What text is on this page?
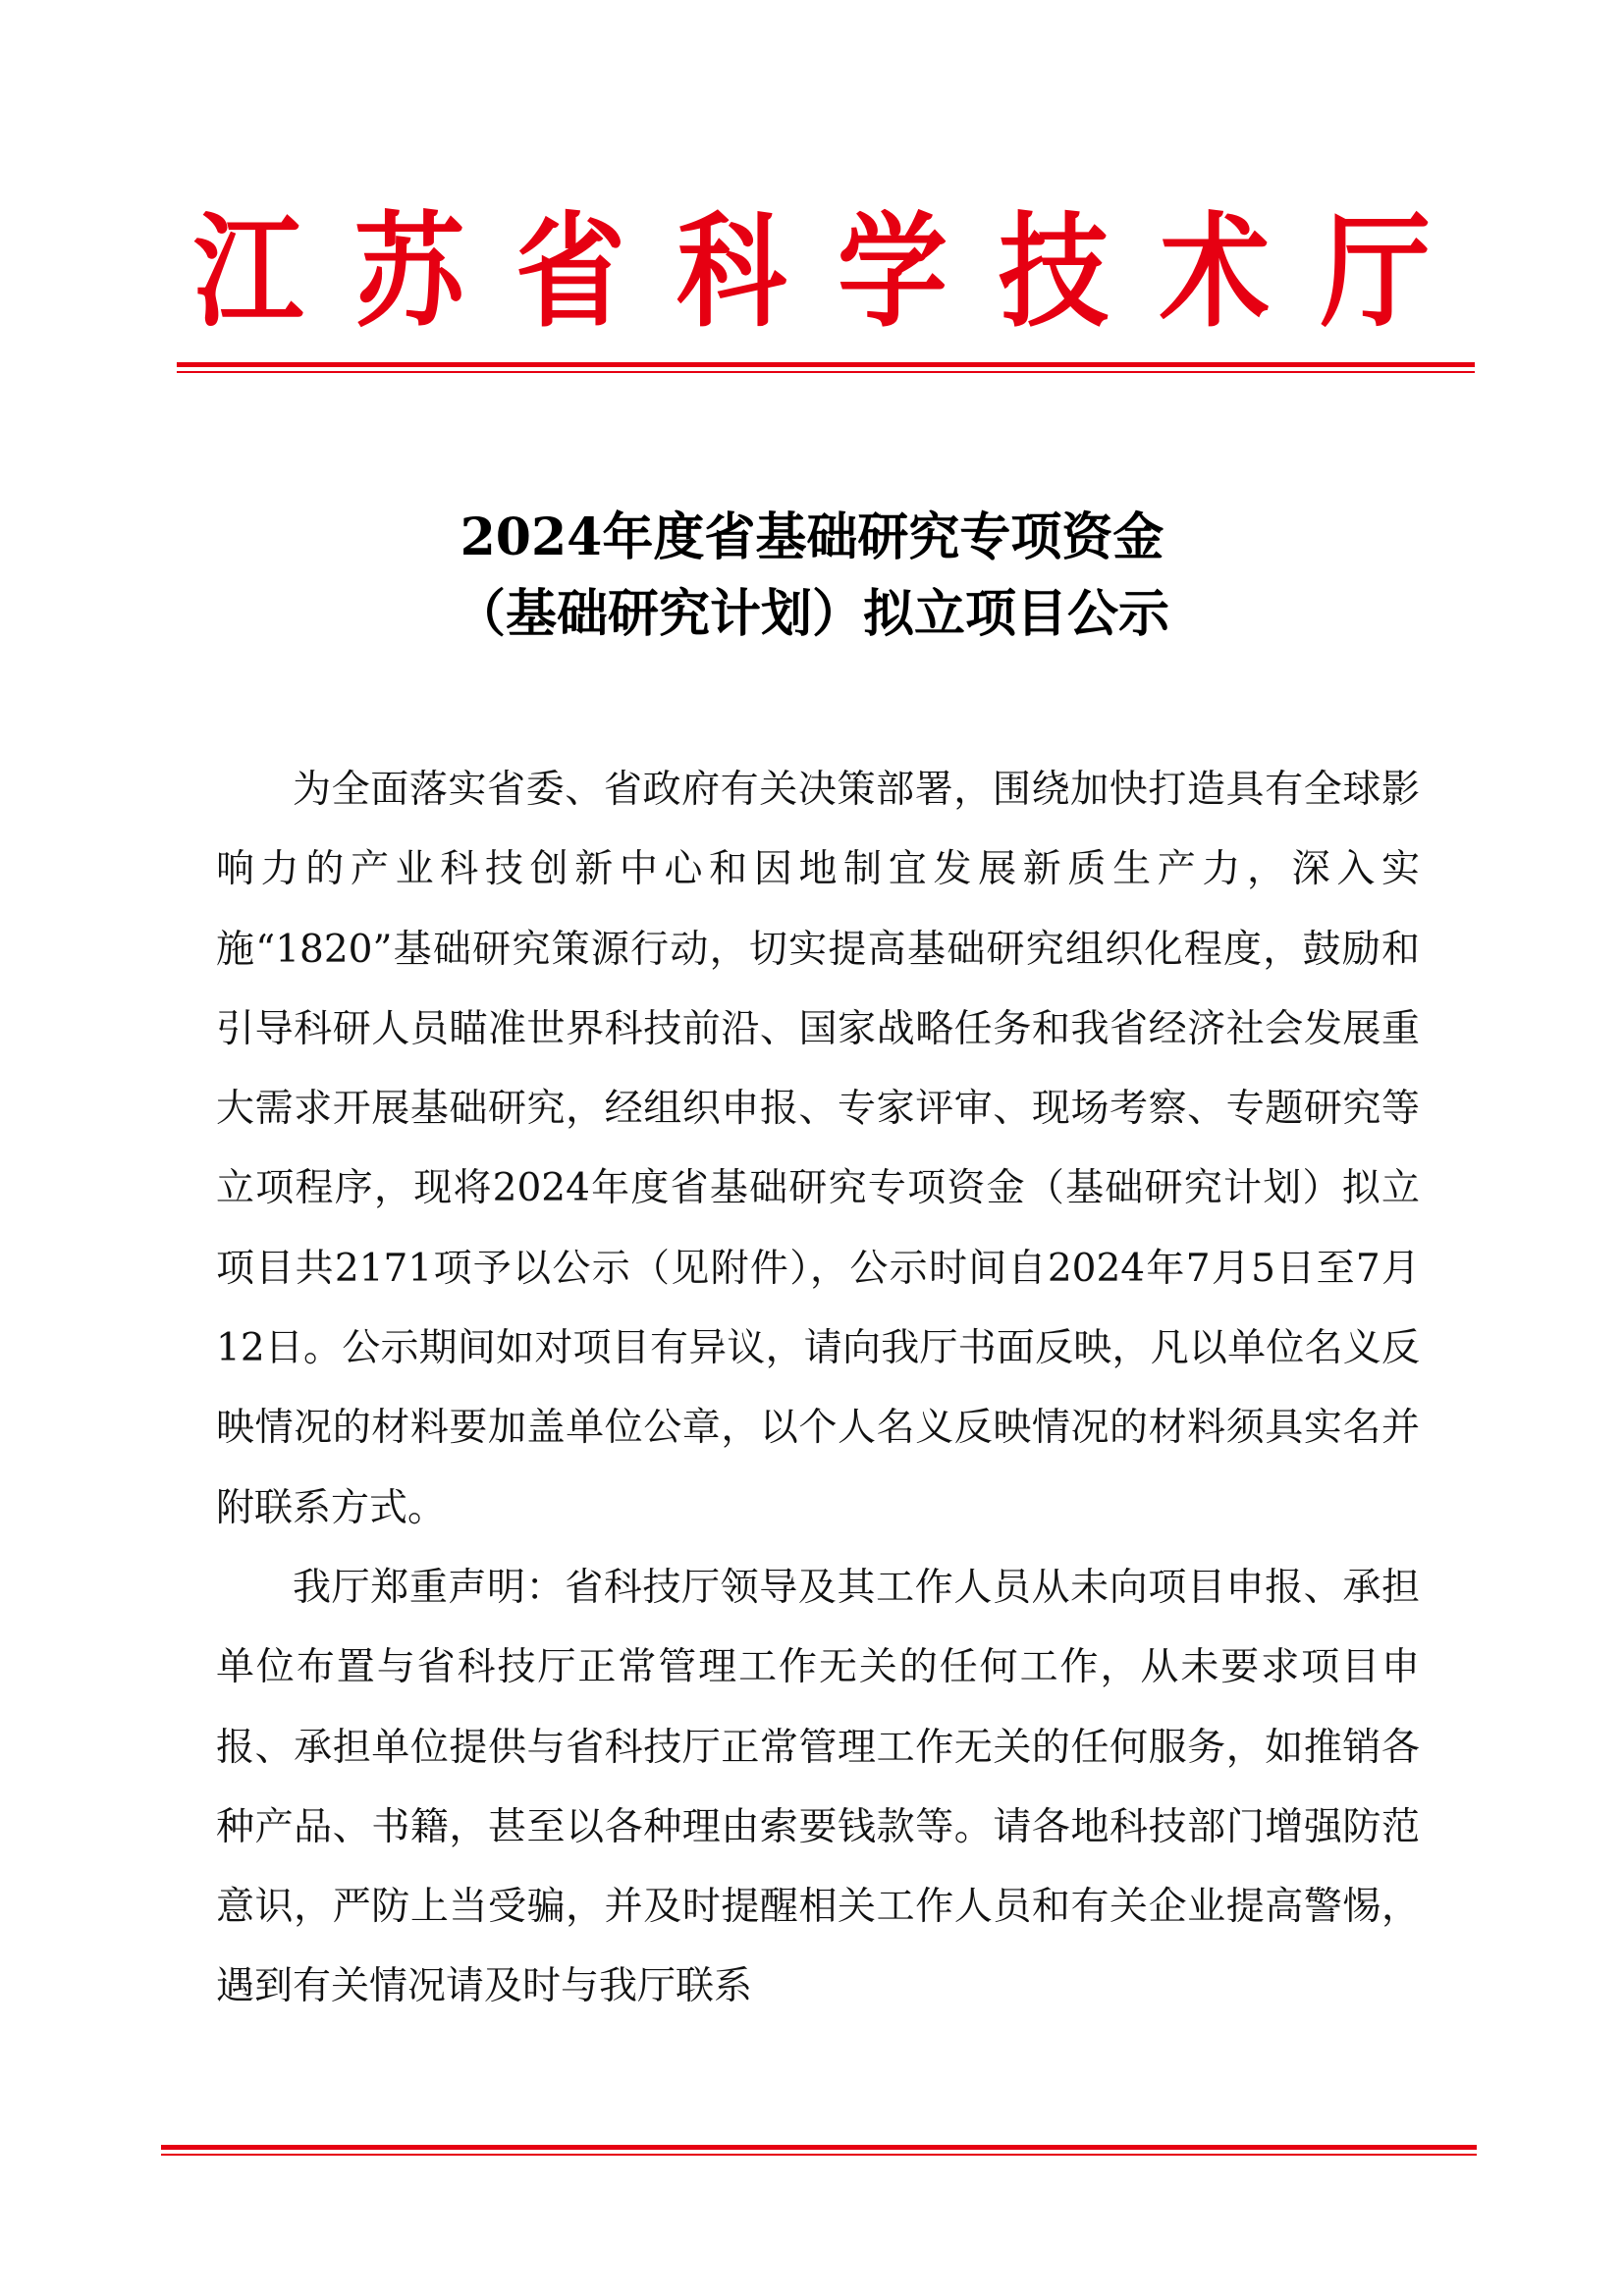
江苏省科学技术厅
2024年度省基础研究专项资金
（基础研究计划）拟立项目公示

为全面落实省委、省政府有关决策部署，围绕加快打造具有全球影响力的产业科技创新中心和因地制宜发展新质生产力，深入实施“1820”基础研究策源行动，切实提高基础研究组织化程度，鼓励和引导科研人员瞄准世界科技前沿、国家战略任务和我省经济社会发展重大需求开展基础研究，经组织申报、专家评审、现场考察、专题研究等立项程序，现将2024年度省基础研究专项资金（基础研究计划）拟立项目共2171项予以公示（见附件），公示时间自2024年7月5日至7月12日。公示期间如对项目有异议，请向我厅书面反映，凡以单位名义反映情况的材料要加盖单位公章，以个人名义反映情况的材料须具实名并附联系方式。

我厅郑重声明：省科技厅领导及其工作人员从未向项目申报、承担单位布置与省科技厅正常管理工作无关的任何工作，从未要求项目申报、承担单位提供与省科技厅正常管理工作无关的任何服务，如推销各种产品、书籍，甚至以各种理由索要钱款等。请各地科技部门增强防范意识，严防上当受骗，并及时提醒相关工作人员和有关企业提高警惕，遇到有关情况请及时与我厅联系
